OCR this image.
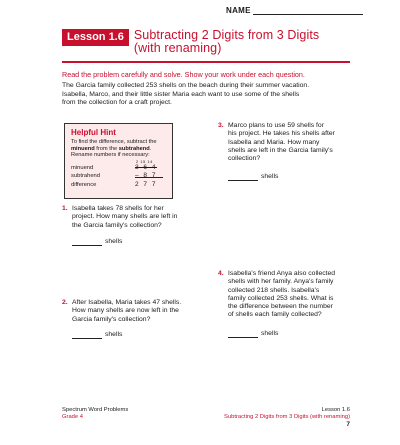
NAME
Lesson 1.6 Subtracting 2 Digits from 3 Digits
(with renaming)
Read the problem carefully and solve. Show your work under each question.
The Garcia family collected 253 shells on the beach during their summer vacation.
Isabella, Marco, and their little sister Maria each want to use some of the shells
from the collection for a craft project.
Helpful Hint
To find the difference, subtract the
minuend from the subtrahend.
Rename numbers if necessary:
2 15 14
minuend	3 6 4
subtrahend	– 8 7
difference	2 7 7
1. Isabella takes 78 shells for her
project. How many shells are left in
the Garcia family's collection?
shells
2. After Isabella, Maria takes 47 shells.
How many shells are now left in the
Garcia family's collection?
shells
3. Marco plans to use 59 shells for
his project. He takes his shells after
Isabella and Maria. How many
shells are left in the Garcia family's
collection?
shells
4. Isabella's friend Anya also collected
shells with her family. Anya's family
collected 218 shells. Isabella's
family collected 253 shells. What is
the difference between the number
of shells each family collected?
shells
Spectrum Word Problems
Grade 4
Lesson 1.6
Subtracting 2 Digits from 3 Digits (with renaming)
7
